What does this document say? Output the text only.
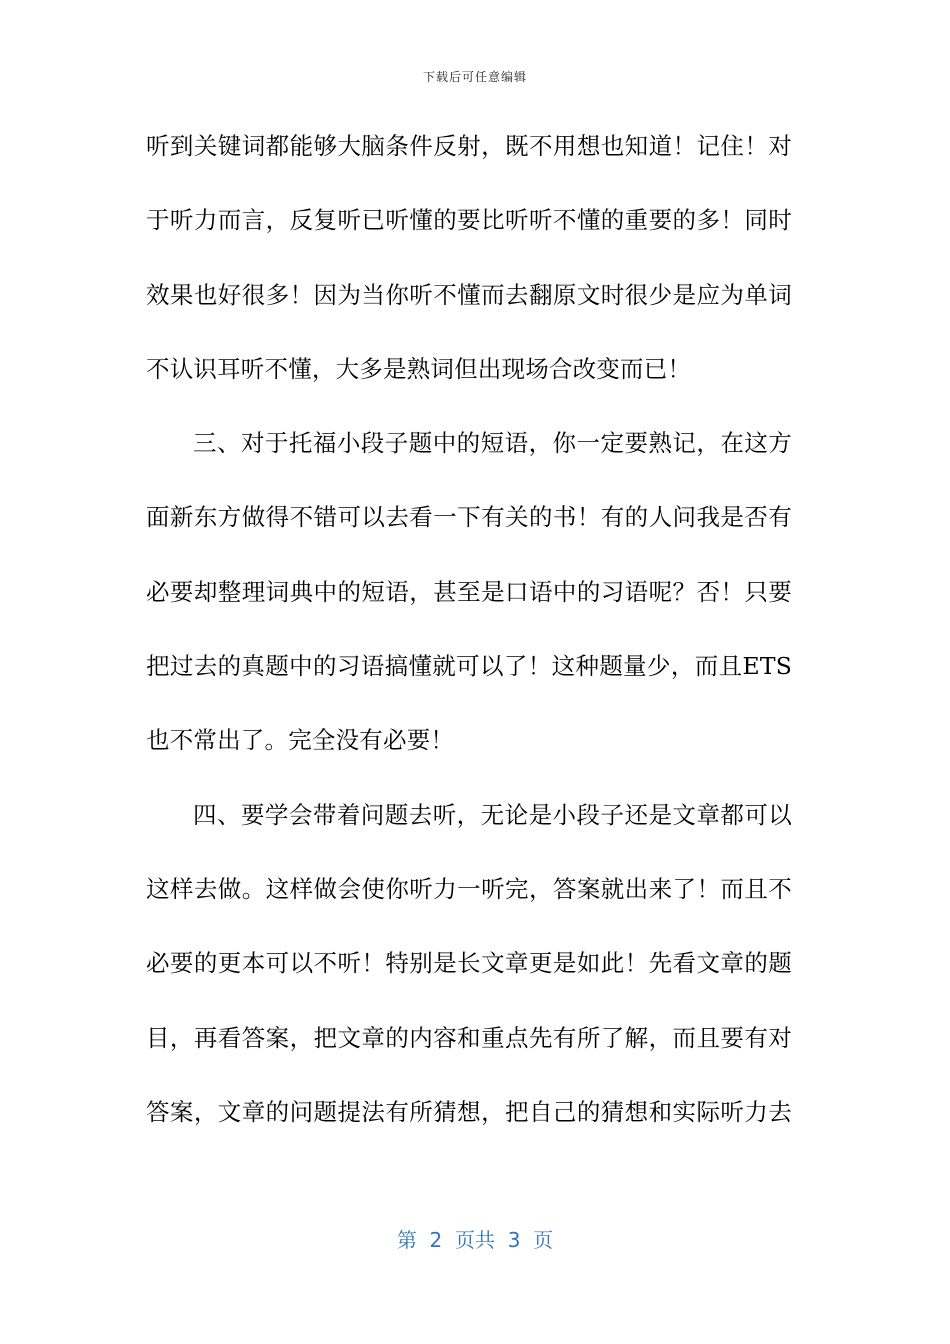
下载后可任意编辑
听到关键词都能够大脑条件反射，既不用想也知道！记住！对
于听力而言，反复听已听懂的要比听听不懂的重要的多！同时
效果也好很多！因为当你听不懂而去翻原文时很少是应为单词
不认识耳听不懂，大多是熟词但出现场合改变而已！
三、对于托福小段子题中的短语，你一定要熟记，在这方
面新东方做得不错可以去看一下有关的书！有的人问我是否有
必要却整理词典中的短语，甚至是口语中的习语呢？否！只要
把过去的真题中的习语搞懂就可以了！这种题量少，而且ETS
也不常出了。完全没有必要！
四、要学会带着问题去听，无论是小段子还是文章都可以
这样去做。这样做会使你听力一听完，答案就出来了！而且不
必要的更本可以不听！特别是长文章更是如此！先看文章的题
目，再看答案，把文章的内容和重点先有所了解，而且要有对
答案，文章的问题提法有所猜想，把自己的猜想和实际听力去
第  2  页共  3  页
